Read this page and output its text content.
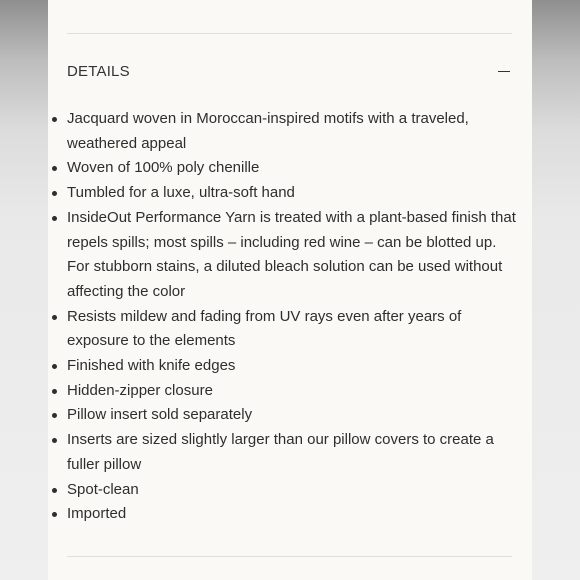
DETAILS
Jacquard woven in Moroccan-inspired motifs with a traveled, weathered appeal
Woven of 100% poly chenille
Tumbled for a luxe, ultra-soft hand
InsideOut Performance Yarn is treated with a plant-based finish that repels spills; most spills – including red wine – can be blotted up. For stubborn stains, a diluted bleach solution can be used without affecting the color
Resists mildew and fading from UV rays even after years of exposure to the elements
Finished with knife edges
Hidden-zipper closure
Pillow insert sold separately
Inserts are sized slightly larger than our pillow covers to create a fuller pillow
Spot-clean
Imported
